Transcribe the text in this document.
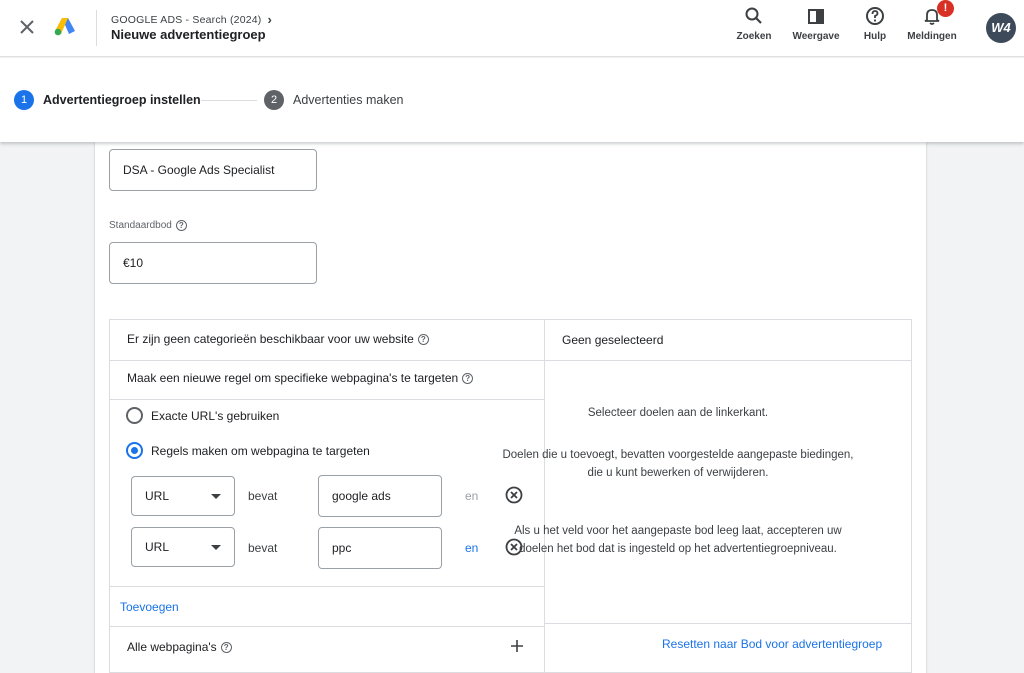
GOOGLE ADS - Search (2024) ›
Nieuwe advertentiegroep	Zoeken	Weergave	Hulp
!
Meldingen
W4
1	Advertentiegroep instellen	2	Advertenties maken
DSA - Google Ads Specialist
Standaardbod ?
€10
Er zijn geen categorieën beschikbaar voor uw website ?
Maak een nieuwe regel om specifieke webpagina's te targeten ?
Exacte URL's gebruiken
Regels maken om webpagina te targeten
URL	bevat	google ads	en
URL	bevat	ppc	en
Toevoegen
Alle webpagina's ?
Geen geselecteerd
Selecteer doelen aan de linkerkant.
Doelen die u toevoegt, bevatten voorgestelde aangepaste biedingen, die u kunt bewerken of verwijderen.
Als u het veld voor het aangepaste bod leeg laat, accepteren uw doelen het bod dat is ingesteld op het advertentiegroepniveau.
Resetten naar Bod voor advertentiegroep
